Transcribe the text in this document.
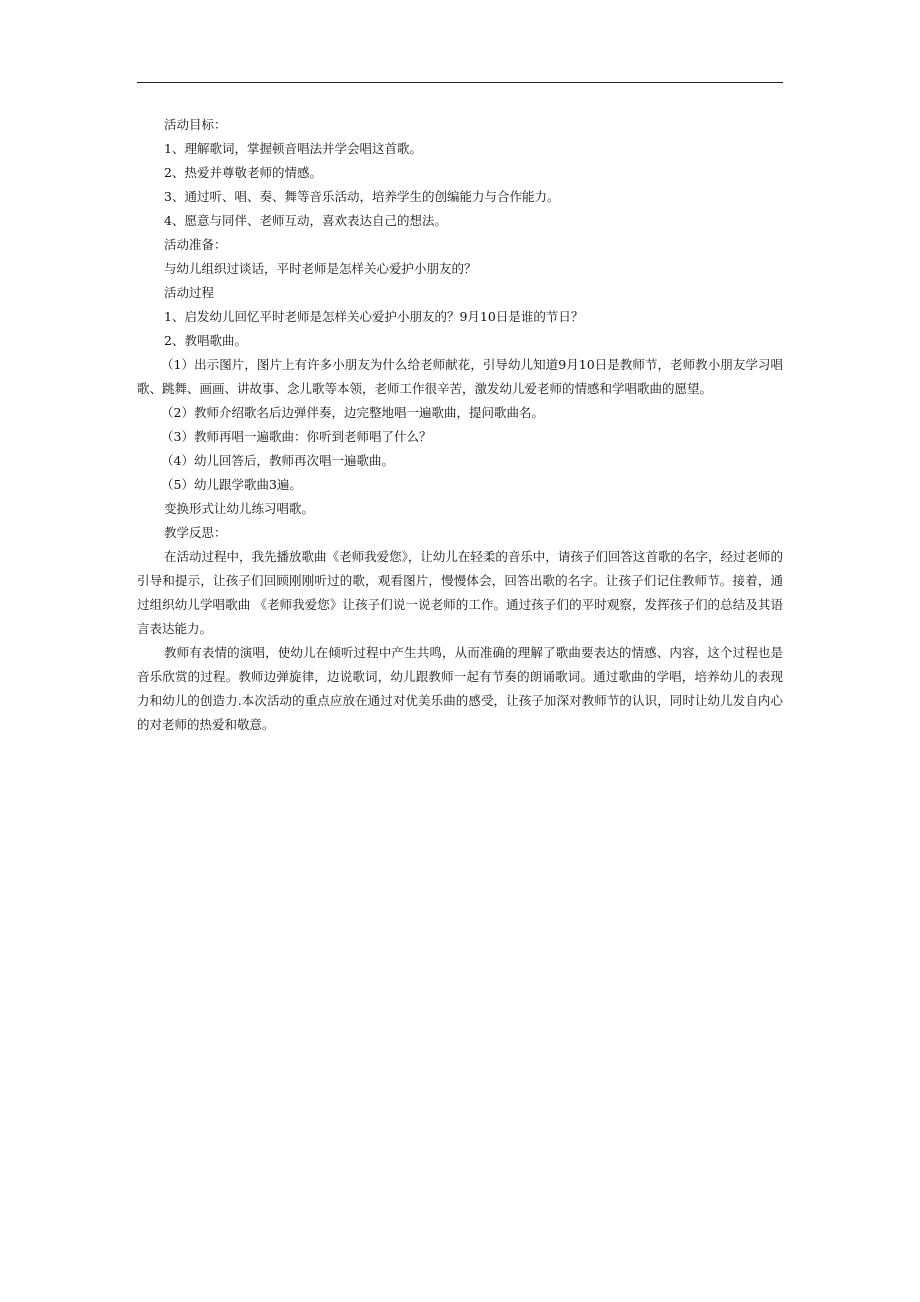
活动目标：

1、理解歌词，掌握顿音唱法并学会唱这首歌。

2、热爱并尊敬老师的情感。

3、通过听、唱、奏、舞等音乐活动，培养学生的创编能力与合作能力。

4、愿意与同伴、老师互动，喜欢表达自己的想法。

活动准备：

与幼儿组织过谈话，平时老师是怎样关心爱护小朋友的？

活动过程

1、启发幼儿回忆平时老师是怎样关心爱护小朋友的？9月10日是谁的节日？

2、教唱歌曲。

（1）出示图片，图片上有许多小朋友为什么给老师献花，引导幼儿知道9月10日是教师节，老师教小朋友学习唱歌、跳舞、画画、讲故事、念儿歌等本领，老师工作很辛苦，激发幼儿爱老师的情感和学唱歌曲的愿望。

（2）教师介绍歌名后边弹伴奏，边完整地唱一遍歌曲，提问歌曲名。

（3）教师再唱一遍歌曲：你听到老师唱了什么？

（4）幼儿回答后，教师再次唱一遍歌曲。

（5）幼儿跟学歌曲3遍。

变换形式让幼儿练习唱歌。

教学反思：

在活动过程中，我先播放歌曲《老师我爱您》，让幼儿在轻柔的音乐中，请孩子们回答这首歌的名字，经过老师的引导和提示，让孩子们回顾刚刚听过的歌，观看图片，慢慢体会，回答出歌的名字。让孩子们记住教师节。接着，通过组织幼儿学唱歌曲 《老师我爱您》让孩子们说一说老师的工作。通过孩子们的平时观察，发挥孩子们的总结及其语言表达能力。

教师有表情的演唱，使幼儿在倾听过程中产生共鸣，从而准确的理解了歌曲要表达的情感、内容，这个过程也是音乐欣赏的过程。教师边弹旋律，边说歌词，幼儿跟教师一起有节奏的朗诵歌词。通过歌曲的学唱，培养幼儿的表现力和幼儿的创造力.本次活动的重点应放在通过对优美乐曲的感受，让孩子加深对教师节的认识，同时让幼儿发自内心的对老师的热爱和敬意。
